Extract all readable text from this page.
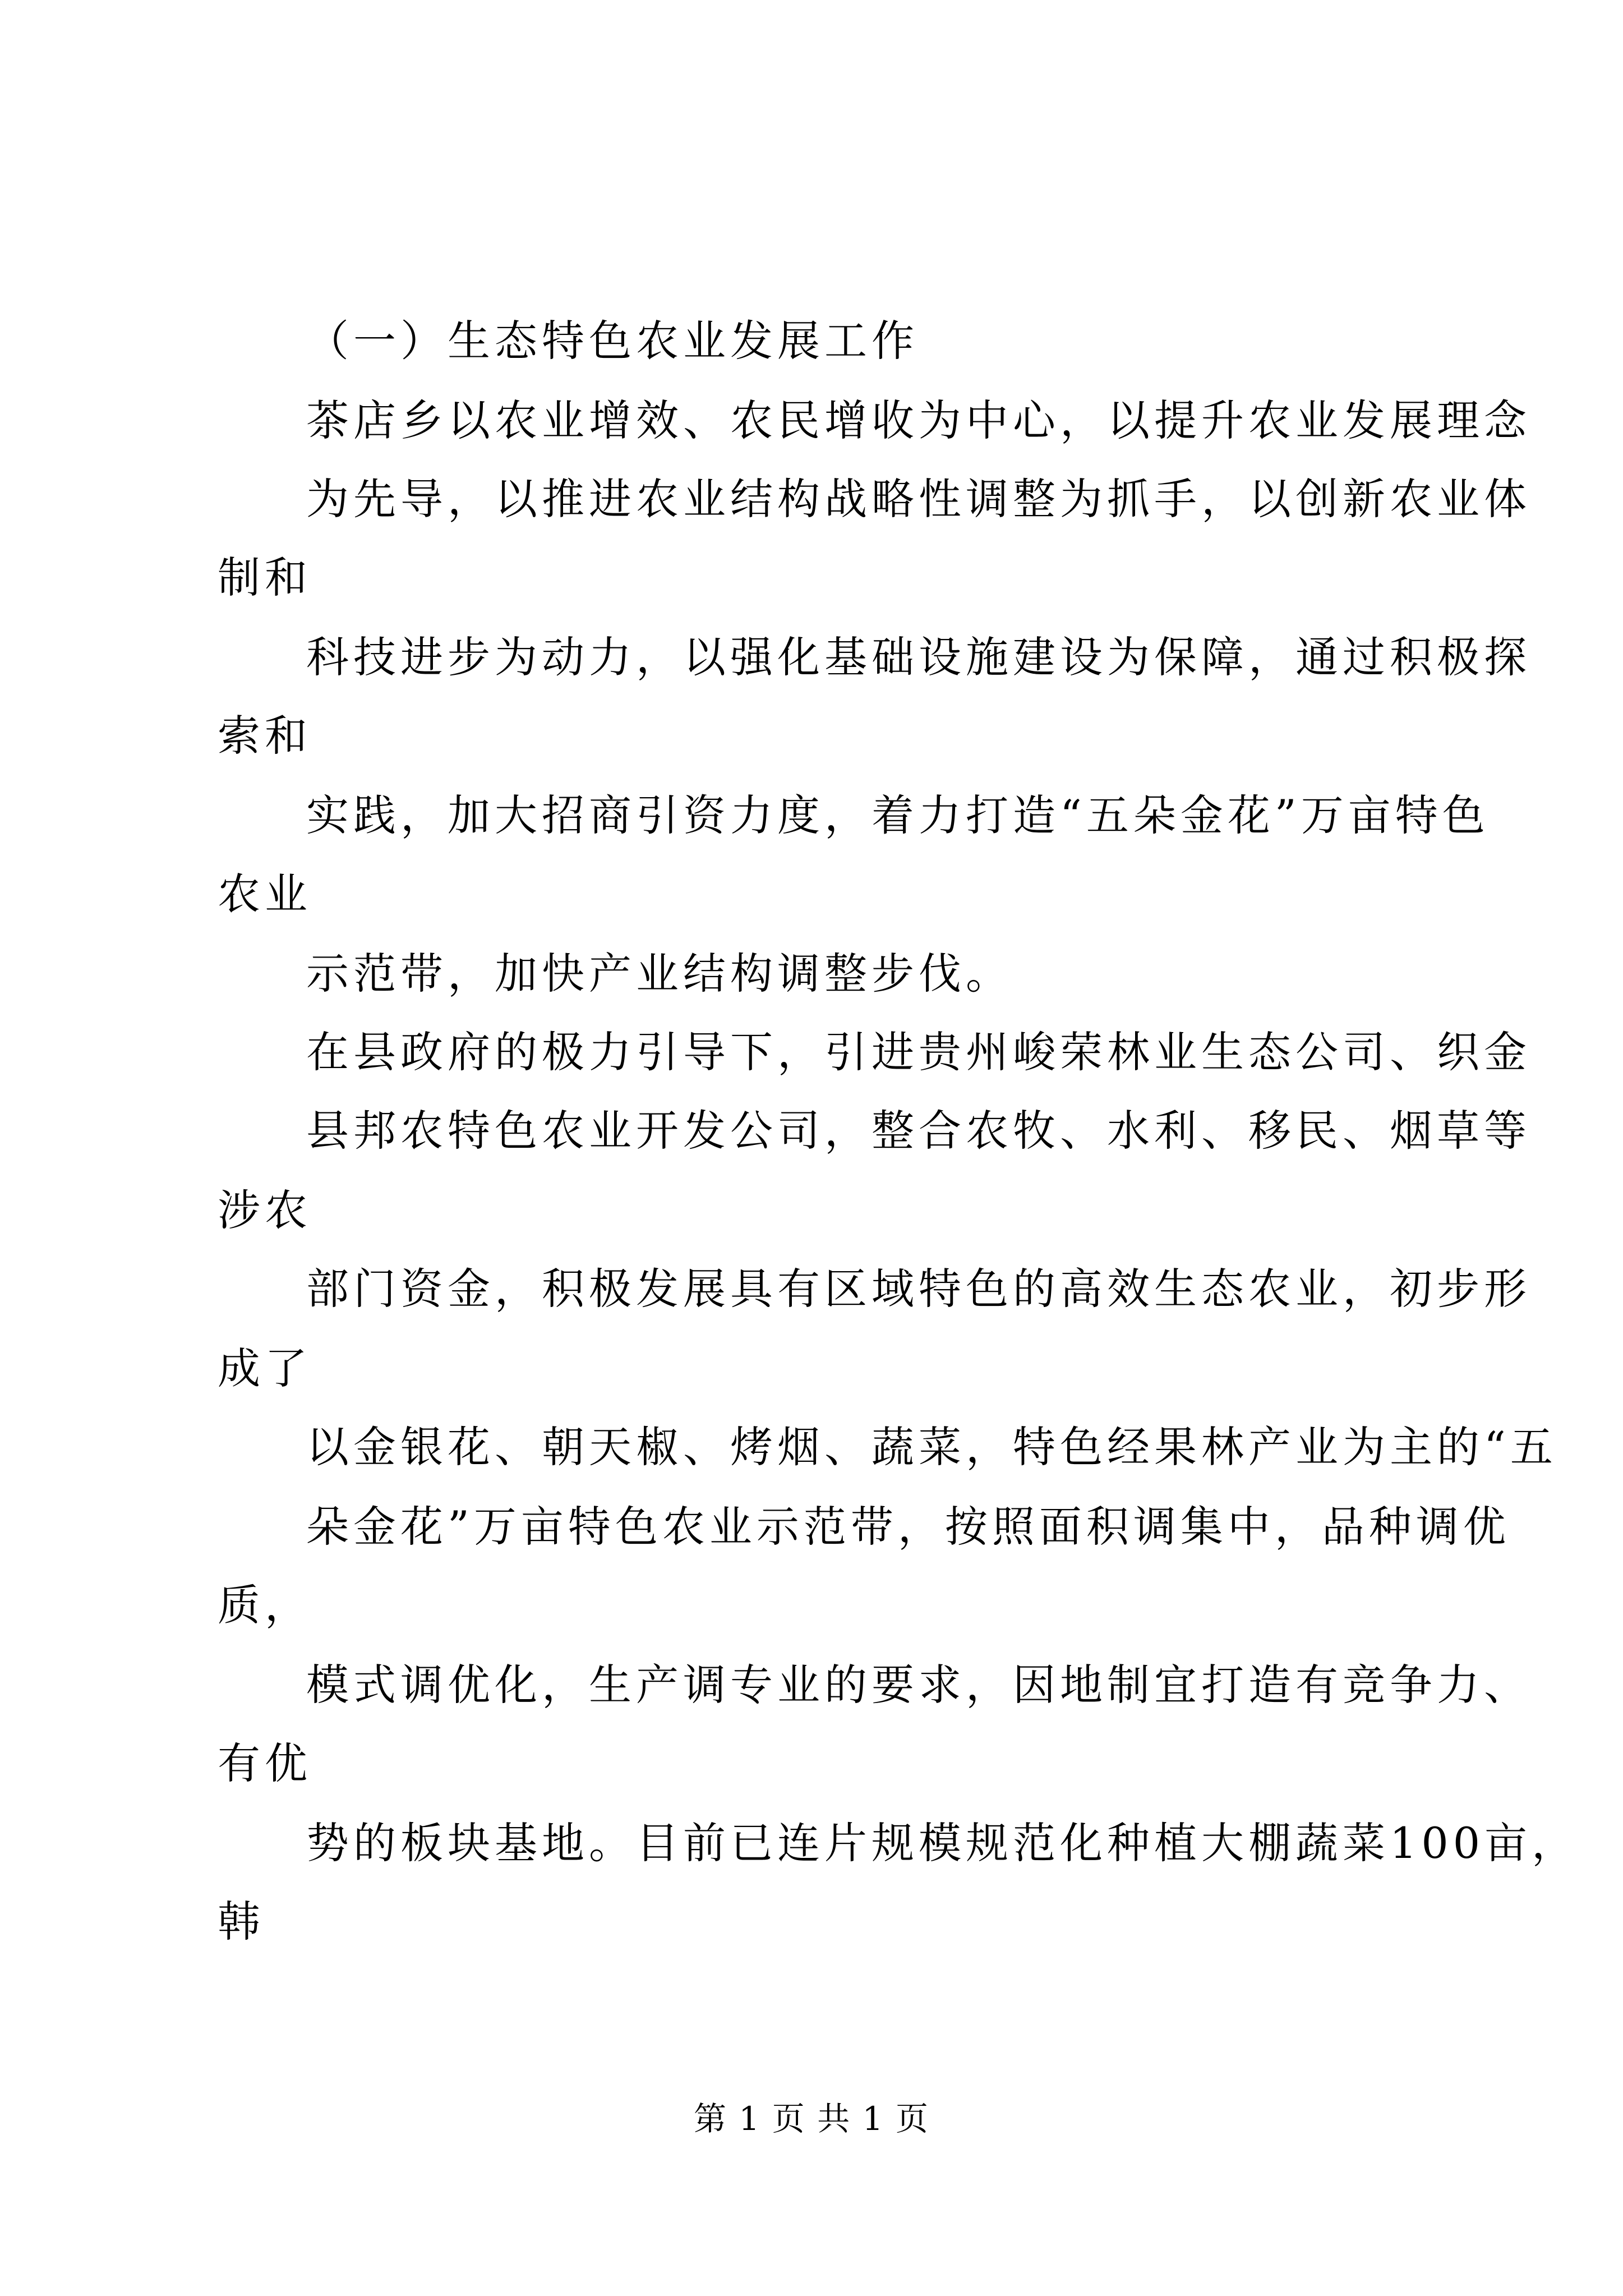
（一）生态特色农业发展工作
茶店乡以农业增效、农民增收为中心，以提升农业发展理念
为先导，以推进农业结构战略性调整为抓手，以创新农业体
制和
科技进步为动力，以强化基础设施建设为保障，通过积极探
索和
实践，加大招商引资力度，着力打造“五朵金花”万亩特色
农业
示范带，加快产业结构调整步伐。
在县政府的极力引导下，引进贵州峻荣林业生态公司、织金
县邦农特色农业开发公司，整合农牧、水利、移民、烟草等
涉农
部门资金，积极发展具有区域特色的高效生态农业，初步形
成了
以金银花、朝天椒、烤烟、蔬菜，特色经果林产业为主的“五
朵金花”万亩特色农业示范带，按照面积调集中，品种调优
质，
模式调优化，生产调专业的要求，因地制宜打造有竞争力、
有优
势的板块基地。目前已连片规模规范化种植大棚蔬菜100亩，
韩
第 1 页 共 1 页
